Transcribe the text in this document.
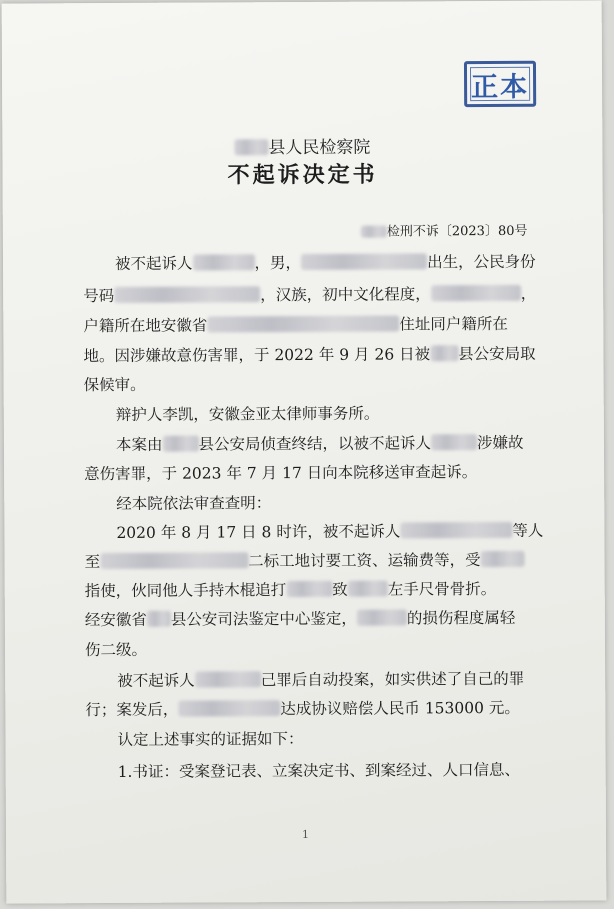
正本
县人民检察院
不起诉决定书
检刑不诉〔2023〕80号
被不起诉人	，男，	出生，公民身份
号码	，汉族，初中文化程度，	，
户籍所在地安徽省	住址同户籍所在
地。因涉嫌故意伤害罪，于 2022 年 9 月 26 日被 县公安局取
保候审。
辩护人李凯，安徽金亚太律师事务所。
本案由 县公安局侦查终结，以被不起诉人	涉嫌故
意伤害罪，于 2023 年 7 月 17 日向本院移送审查起诉。
经本院依法审查查明：
2020 年 8 月 17 日 8 时许，被不起诉人	等人
至	二标工地讨要工资、运输费等，受
指使，伙同他人手持木棍追打	致	左手尺骨骨折。
经安徽省 县公安司法鉴定中心鉴定，	的损伤程度属轻
伤二级。
被不起诉人	己罪后自动投案，如实供述了自己的罪
行；案发后，	达成协议赔偿人民币 153000 元。
认定上述事实的证据如下：
1.书证：受案登记表、立案决定书、到案经过、人口信息、
1
